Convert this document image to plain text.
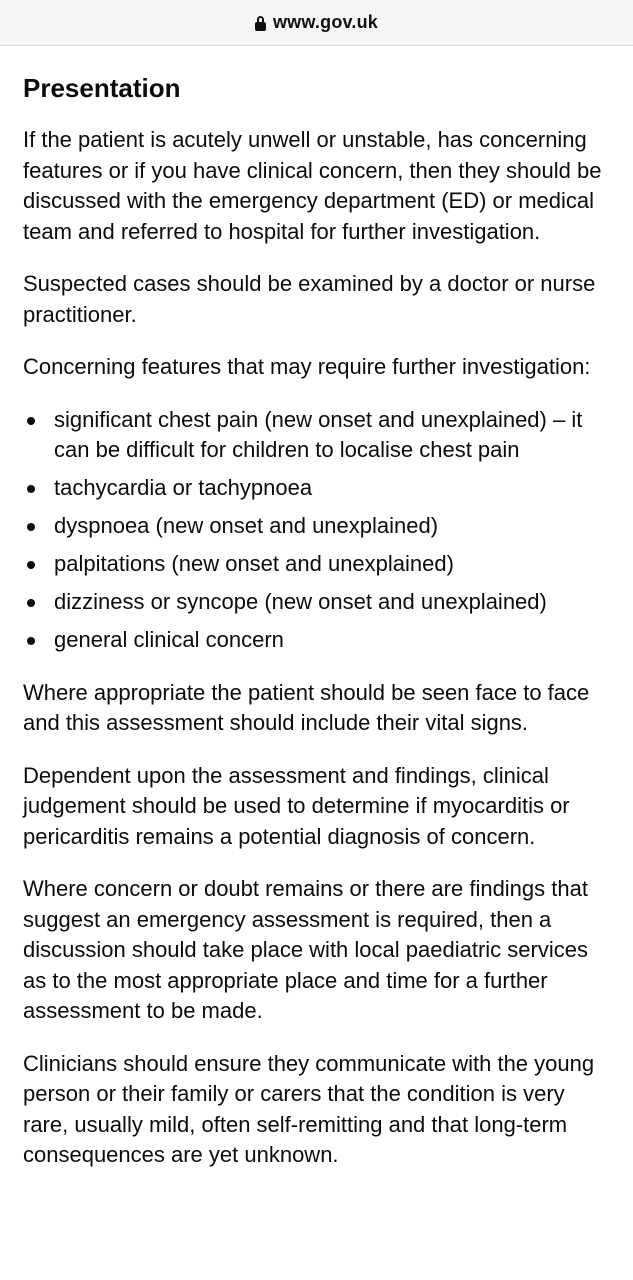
www.gov.uk
Presentation

If the patient is acutely unwell or unstable, has concerning features or if you have clinical concern, then they should be discussed with the emergency department (ED) or medical team and referred to hospital for further investigation.

Suspected cases should be examined by a doctor or nurse practitioner.

Concerning features that may require further investigation:

significant chest pain (new onset and unexplained) – it can be difficult for children to localise chest pain
tachycardia or tachypnoea
dyspnoea (new onset and unexplained)
palpitations (new onset and unexplained)
dizziness or syncope (new onset and unexplained)
general clinical concern

Where appropriate the patient should be seen face to face and this assessment should include their vital signs.

Dependent upon the assessment and findings, clinical judgement should be used to determine if myocarditis or pericarditis remains a potential diagnosis of concern.

Where concern or doubt remains or there are findings that suggest an emergency assessment is required, then a discussion should take place with local paediatric services as to the most appropriate place and time for a further assessment to be made.

Clinicians should ensure they communicate with the young person or their family or carers that the condition is very rare, usually mild, often self-remitting and that long-term consequences are yet unknown.
